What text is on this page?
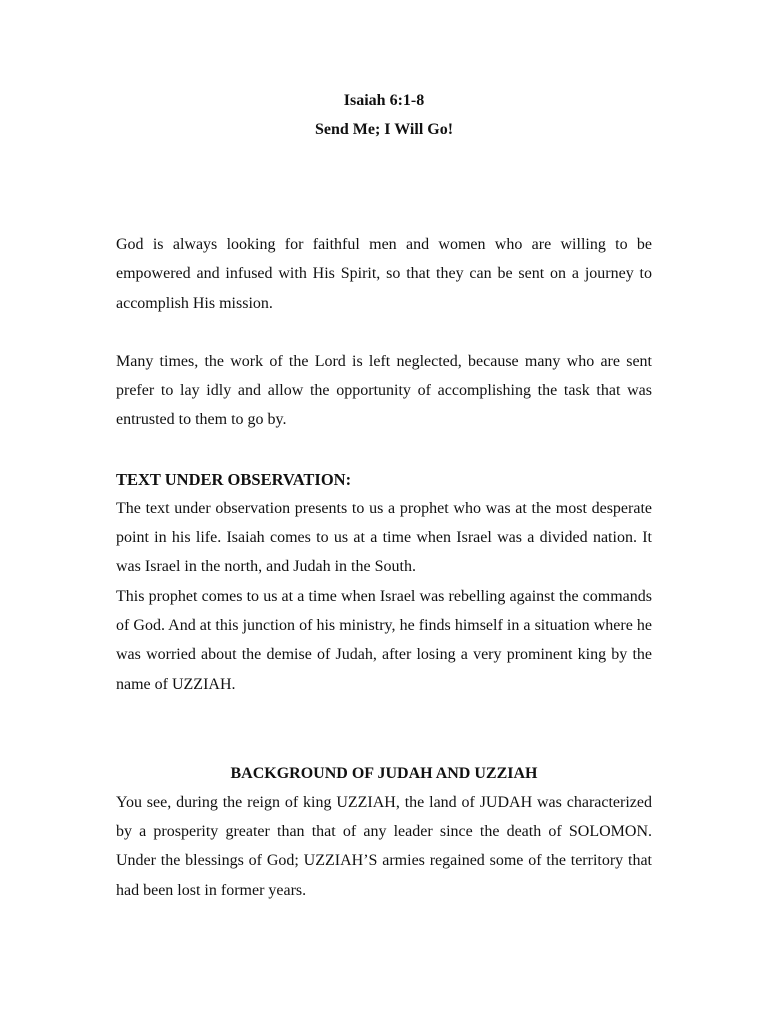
Isaiah 6:1-8
Send Me; I Will Go!

God is always looking for faithful men and women who are willing to be empowered and infused with His Spirit, so that they can be sent on a journey to accomplish His mission.

Many times, the work of the Lord is left neglected, because many who are sent prefer to lay idly and allow the opportunity of accomplishing the task that was entrusted to them to go by.

TEXT UNDER OBSERVATION:

The text under observation presents to us a prophet who was at the most desperate point in his life. Isaiah comes to us at a time when Israel was a divided nation. It was Israel in the north, and Judah in the South.

This prophet comes to us at a time when Israel was rebelling against the commands of God. And at this junction of his ministry, he finds himself in a situation where he was worried about the demise of Judah, after losing a very prominent king by the name of UZZIAH.

BACKGROUND OF JUDAH AND UZZIAH

You see, during the reign of king UZZIAH, the land of JUDAH was characterized by a prosperity greater than that of any leader since the death of SOLOMON. Under the blessings of God; UZZIAH’S armies regained some of the territory that had been lost in former years.
